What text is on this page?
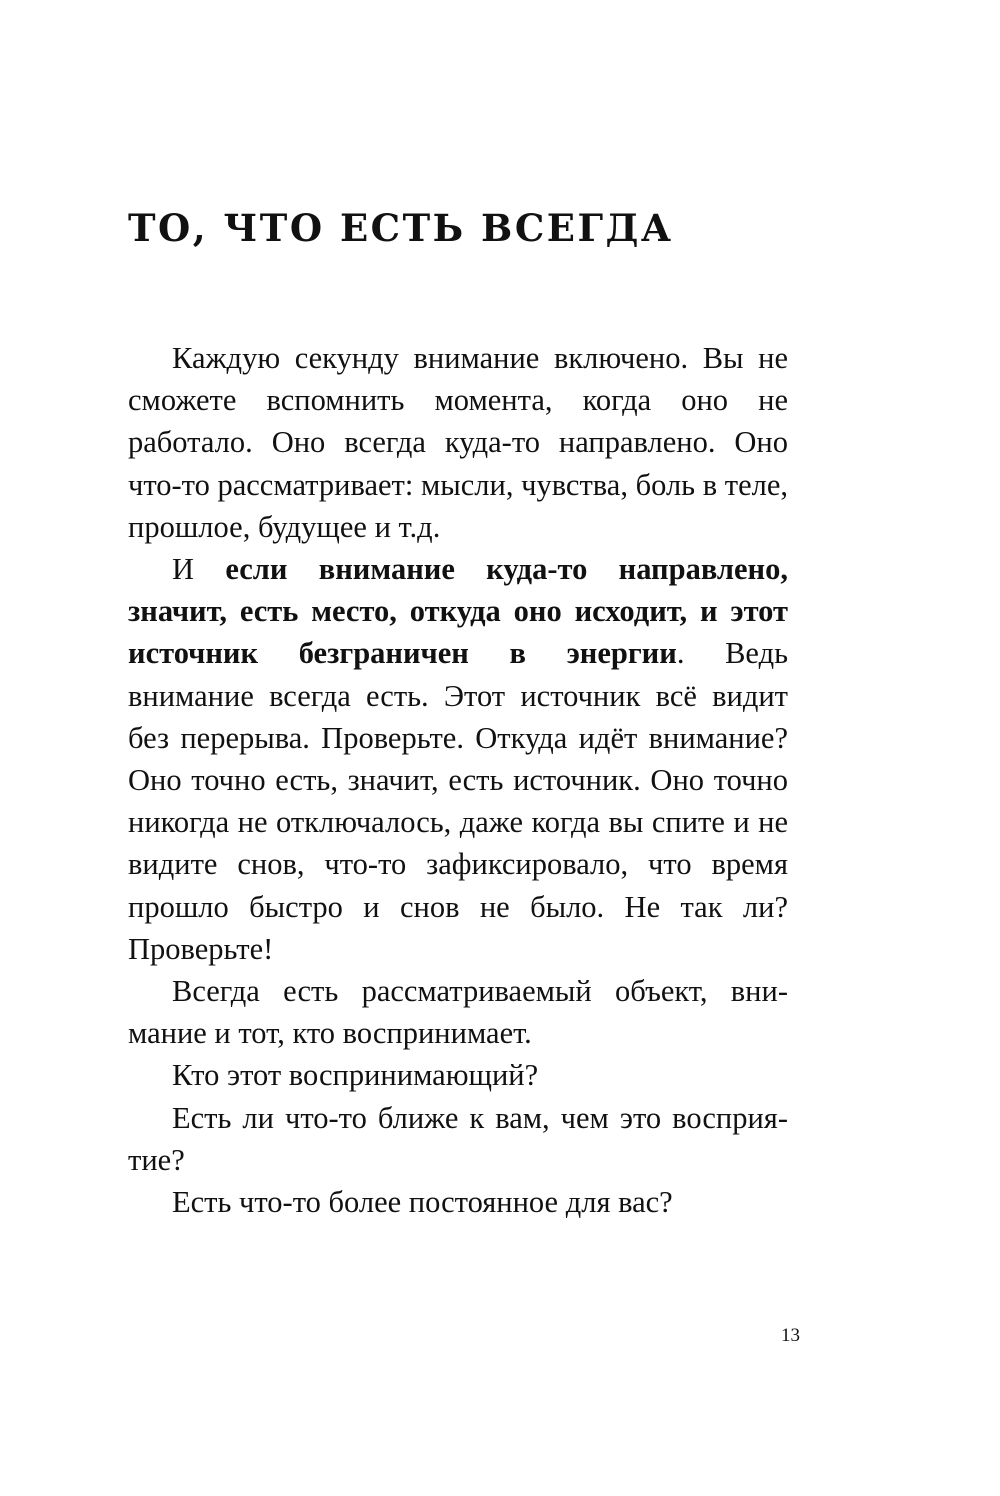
ТО, ЧТО ЕСТЬ ВСЕГДА

Каждую секунду внимание включено. Вы не сможете вспомнить момента, когда оно не работало. Оно всегда куда-то направлено. Оно что-то рассматривает: мысли, чувства, боль в теле, прошлое, будущее и т.д.

И если внимание куда-то направлено, значит, есть место, откуда оно исходит, и этот источник безграничен в энергии. Ведь внимание всегда есть. Этот источник всё видит без перерыва. Проверьте. Откуда идёт внимание? Оно точно есть, значит, есть источник. Оно точно никогда не отключалось, даже когда вы спите и не видите снов, что-то зафиксировало, что время прошло быстро и снов не было. Не так ли? Проверьте!

Всегда есть рассматриваемый объект, внимание и тот, кто воспринимает.

Кто этот воспринимающий?

Есть ли что-то ближе к вам, чем это восприятие?

Есть что-то более постоянное для вас?

13
